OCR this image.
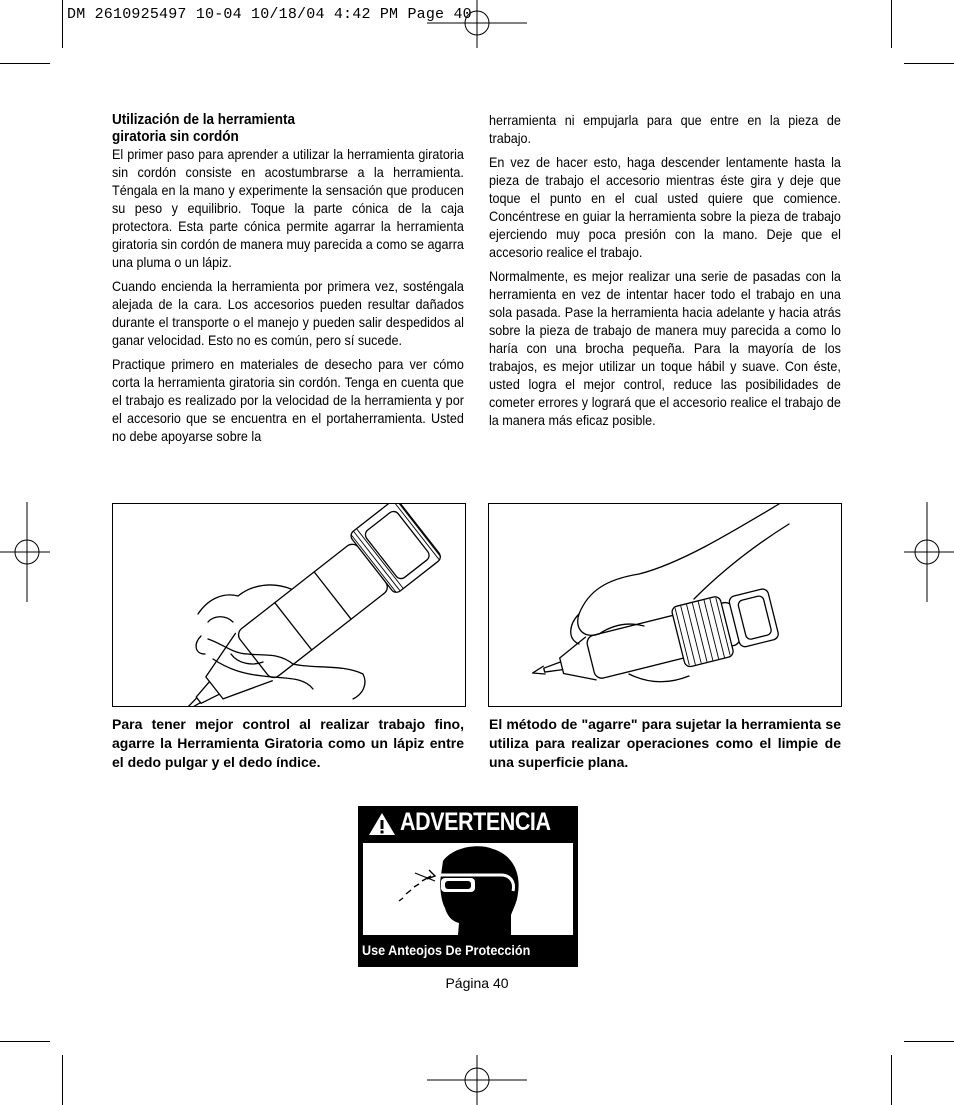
DM 2610925497 10-04 10/18/04 4:42 PM Page 40
Utilización de la herramienta
giratoria sin cordón

El primer paso para aprender a utilizar la herramienta giratoria sin cordón consiste en acostumbrarse a la herramienta. Téngala en la mano y experimente la sensación que producen su peso y equilibrio. Toque la parte cónica de la caja protectora. Esta parte cónica permite agarrar la herramienta giratoria sin cordón de manera muy parecida a como se agarra una pluma o un lápiz.

Cuando encienda la herramienta por primera vez, sosténgala alejada de la cara. Los accesorios pueden resultar dañados durante el transporte o el manejo y pueden salir despedidos al ganar velocidad. Esto no es común, pero sí sucede.

Practique primero en materiales de desecho para ver cómo corta la herramienta giratoria sin cordón. Tenga en cuenta que el trabajo es realizado por la velocidad de la herramienta y por el accesorio que se encuentra en el portaherramienta. Usted no debe apoyarse sobre la

herramienta ni empujarla para que entre en la pieza de trabajo.

En vez de hacer esto, haga descender lentamente hasta la pieza de trabajo el accesorio mientras éste gira y deje que toque el punto en el cual usted quiere que comience. Concéntrese en guiar la herramienta sobre la pieza de trabajo ejerciendo muy poca presión con la mano. Deje que el accesorio realice el trabajo.

Normalmente, es mejor realizar una serie de pasadas con la herramienta en vez de intentar hacer todo el trabajo en una sola pasada. Pase la herramienta hacia adelante y hacia atrás sobre la pieza de trabajo de manera muy parecida a como lo haría con una brocha pequeña. Para la mayoría de los trabajos, es mejor utilizar un toque hábil y suave. Con éste, usted logra el mejor control, reduce las posibilidades de cometer errores y logrará que el accesorio realice el trabajo de la manera más eficaz posible.

Para tener mejor control al realizar trabajo fino, agarre la Herramienta Giratoria como un lápiz entre el dedo pulgar y el dedo índice.
El método de "agarre" para sujetar la herramienta se utiliza para realizar operaciones como el limpie de una superficie plana.
ADVERTENCIA
Use Anteojos De Protección
Página 40
